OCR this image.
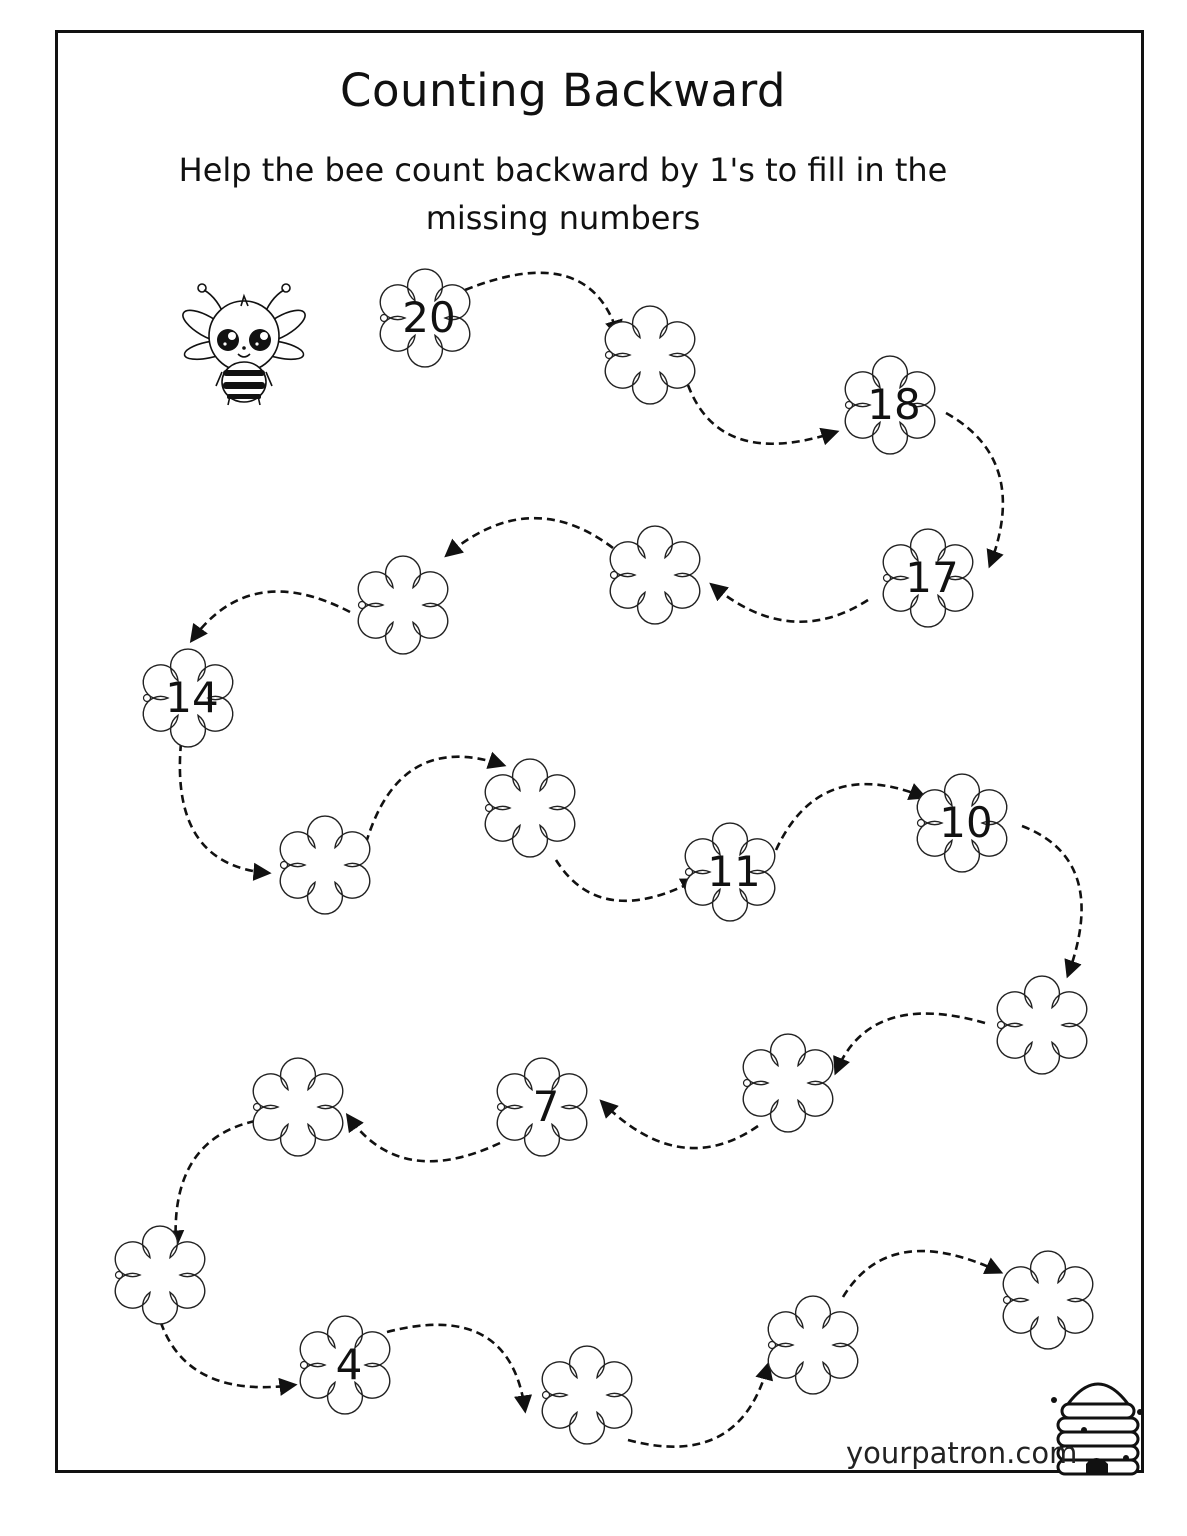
Counting Backward
Help the bee count backward by 1's to fill in the missing numbers
20
18
17
14
11
10
7
4
yourpatron.com
